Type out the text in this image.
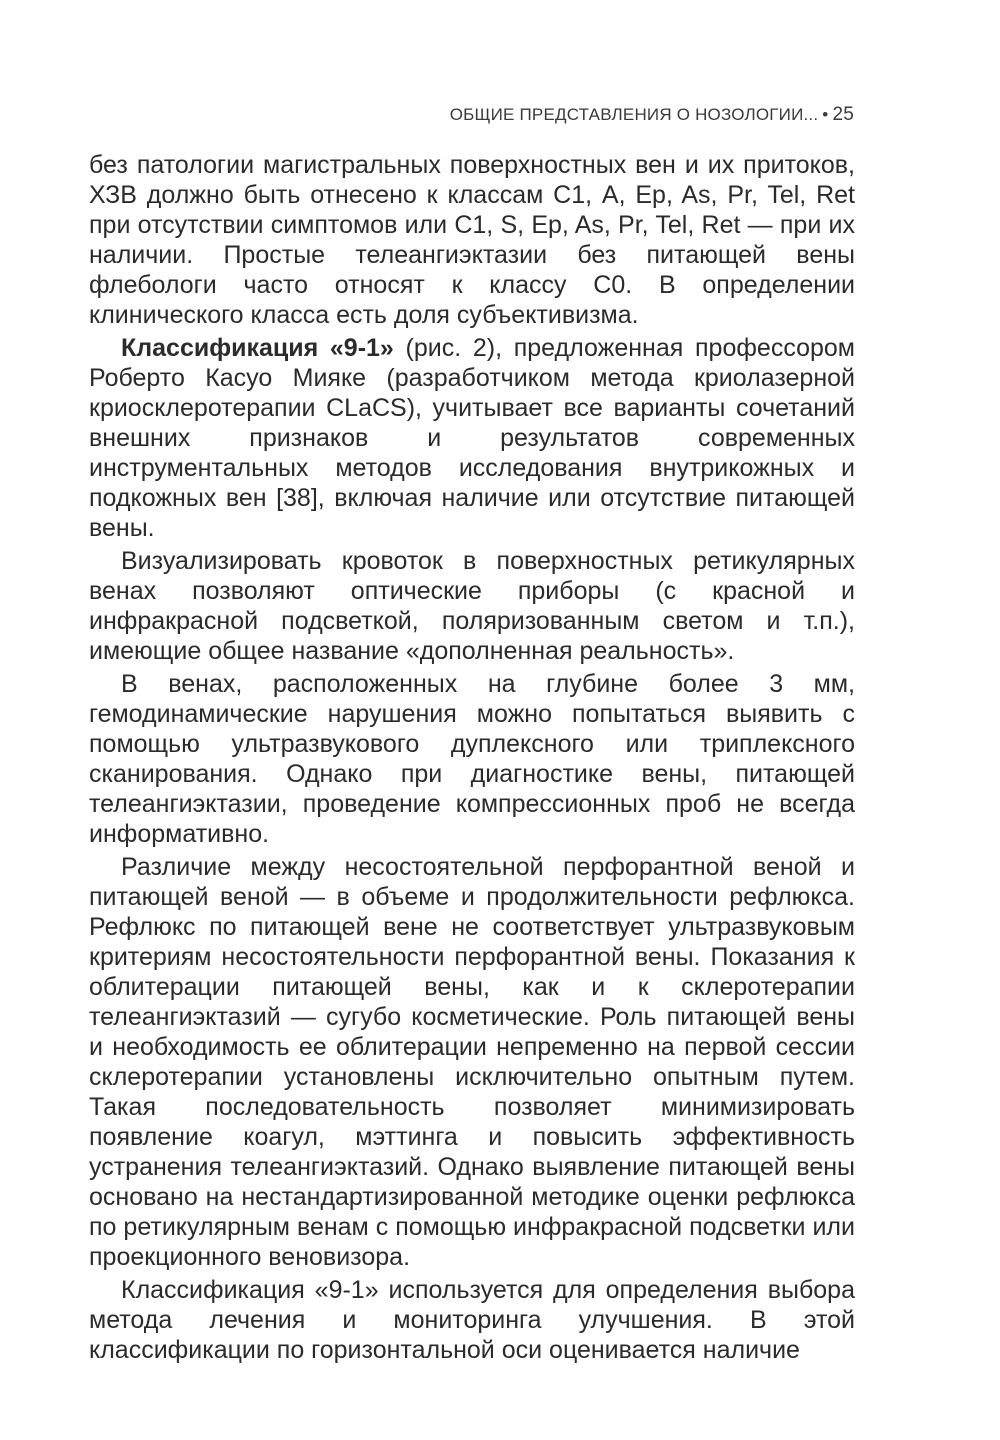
ОБЩИЕ ПРЕДСТАВЛЕНИЯ О НОЗОЛОГИИ... • 25

без патологии магистральных поверхностных вен и их притоков, ХЗВ должно быть отнесено к классам С1, A, Ep, As, Pr, Tel, Ret при отсутствии симптомов или С1, S, Ep, As, Pr, Tel, Ret — при их наличии. Простые телеангиэктазии без питающей вены флебологи часто относят к классу С0. В определении клинического класса есть доля субъективизма.

Классификация «9-1» (рис. 2), предложенная профессором Роберто Касуо Мияке (разработчиком метода криолазерной криосклеротерапии CLaCS), учитывает все варианты сочетаний внешних признаков и результатов современных инструментальных методов исследования внутрикожных и подкожных вен [38], включая наличие или отсутствие питающей вены.

Визуализировать кровоток в поверхностных ретикулярных венах позволяют оптические приборы (с красной и инфракрасной подсветкой, поляризованным светом и т.п.), имеющие общее название «дополненная реальность».

В венах, расположенных на глубине более 3 мм, гемодинамические нарушения можно попытаться выявить с помощью ультразвукового дуплексного или триплексного сканирования. Однако при диагностике вены, питающей телеангиэктазии, проведение компрессионных проб не всегда информативно.

Различие между несостоятельной перфорантной веной и питающей веной — в объеме и продолжительности рефлюкса. Рефлюкс по питающей вене не соответствует ультразвуковым критериям несостоятельности перфорантной вены. Показания к облитерации питающей вены, как и к склеротерапии телеангиэктазий — сугубо косметические. Роль питающей вены и необходимость ее облитерации непременно на первой сессии склеротерапии установлены исключительно опытным путем. Такая последовательность позволяет минимизировать появление коагул, мэттинга и повысить эффективность устранения телеангиэктазий. Однако выявление питающей вены основано на нестандартизированной методике оценки рефлюкса по ретикулярным венам с помощью инфракрасной подсветки или проекционного веновизора.

Классификация «9-1» используется для определения выбора метода лечения и мониторинга улучшения. В этой классификации по горизонтальной оси оценивается наличие
